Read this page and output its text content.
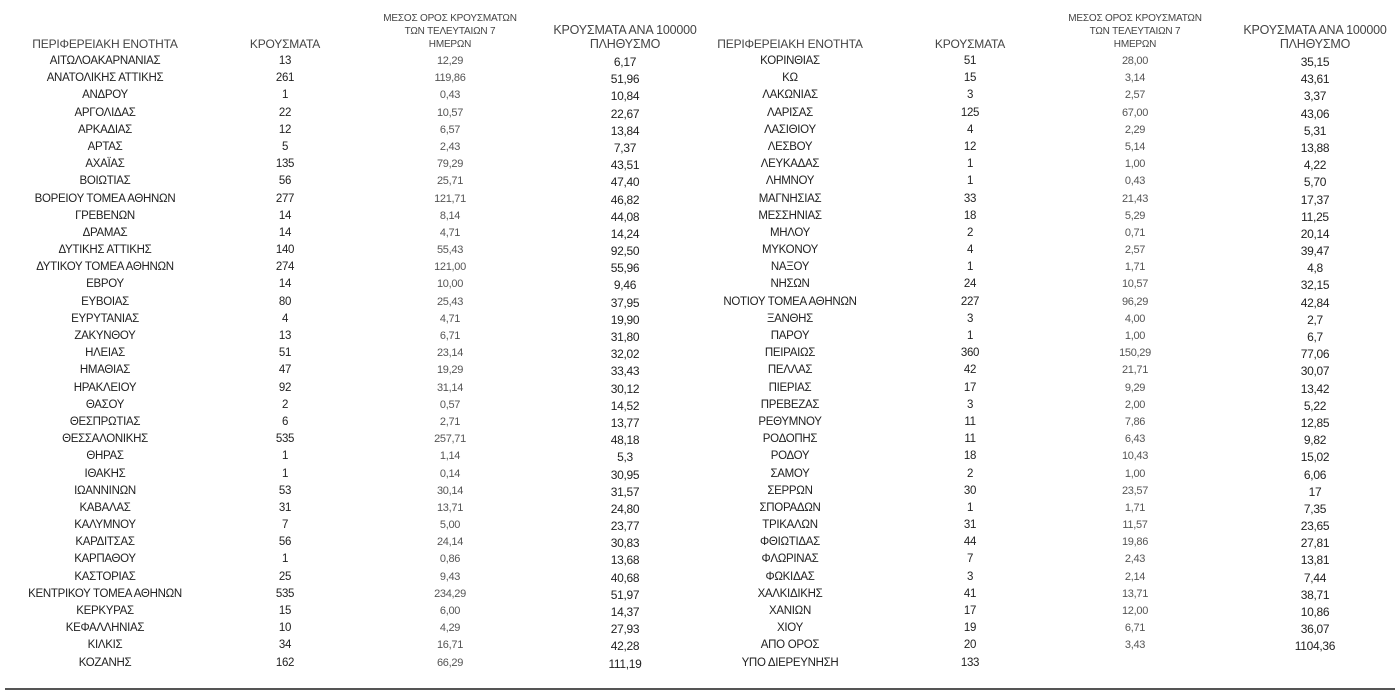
ΠΕΡΙΦΕΡΕΙΑΚΗ ΕΝΟΤΗΤΑ	ΚΡΟΥΣΜΑΤΑ
ΜΕΣΟΣ ΟΡΟΣ ΚΡΟΥΣΜΑΤΩΝ
ΤΩΝ ΤΕΛΕΥΤΑΙΩΝ 7
ΗΜΕΡΩΝ
ΚΡΟΥΣΜΑΤΑ ΑΝΑ 100000
ΠΛΗΘΥΣΜΟ
ΑΙΤΩΛΟΑΚΑΡΝΑΝΙΑΣ	13	12,29	6,17
ΑΝΑΤΟΛΙΚΗΣ ΑΤΤΙΚΗΣ	261	119,86	51,96
ΑΝΔΡΟΥ	1	0,43	10,84
ΑΡΓΟΛΙΔΑΣ	22	10,57	22,67
ΑΡΚΑΔΙΑΣ	12	6,57	13,84
ΑΡΤΑΣ	5	2,43	7,37
ΑΧΑΪΑΣ	135	79,29	43,51
ΒΟΙΩΤΙΑΣ	56	25,71	47,40
ΒΟΡΕΙΟΥ ΤΟΜΕΑ ΑΘΗΝΩΝ	277	121,71	46,82
ΓΡΕΒΕΝΩΝ	14	8,14	44,08
ΔΡΑΜΑΣ	14	4,71	14,24
ΔΥΤΙΚΗΣ ΑΤΤΙΚΗΣ	140	55,43	92,50
ΔΥΤΙΚΟΥ ΤΟΜΕΑ ΑΘΗΝΩΝ	274	121,00	55,96
ΕΒΡΟΥ	14	10,00	9,46
ΕΥΒΟΙΑΣ	80	25,43	37,95
ΕΥΡΥΤΑΝΙΑΣ	4	4,71	19,90
ΖΑΚΥΝΘΟΥ	13	6,71	31,80
ΗΛΕΙΑΣ	51	23,14	32,02
ΗΜΑΘΙΑΣ	47	19,29	33,43
ΗΡΑΚΛΕΙΟΥ	92	31,14	30,12
ΘΑΣΟΥ	2	0,57	14,52
ΘΕΣΠΡΩΤΙΑΣ	6	2,71	13,77
ΘΕΣΣΑΛΟΝΙΚΗΣ	535	257,71	48,18
ΘΗΡΑΣ	1	1,14	5,3
ΙΘΑΚΗΣ	1	0,14	30,95
ΙΩΑΝΝΙΝΩΝ	53	30,14	31,57
ΚΑΒΑΛΑΣ	31	13,71	24,80
ΚΑΛΥΜΝΟΥ	7	5,00	23,77
ΚΑΡΔΙΤΣΑΣ	56	24,14	30,83
ΚΑΡΠΑΘΟΥ	1	0,86	13,68
ΚΑΣΤΟΡΙΑΣ	25	9,43	40,68
ΚΕΝΤΡΙΚΟΥ ΤΟΜΕΑ ΑΘΗΝΩΝ	535	234,29	51,97
ΚΕΡΚΥΡΑΣ	15	6,00	14,37
ΚΕΦΑΛΛΗΝΙΑΣ	10	4,29	27,93
ΚΙΛΚΙΣ	34	16,71	42,28
ΚΟΖΑΝΗΣ	162	66,29	111,19
ΠΕΡΙΦΕΡΕΙΑΚΗ ΕΝΟΤΗΤΑ	ΚΡΟΥΣΜΑΤΑ
ΜΕΣΟΣ ΟΡΟΣ ΚΡΟΥΣΜΑΤΩΝ
ΤΩΝ ΤΕΛΕΥΤΑΙΩΝ 7
ΗΜΕΡΩΝ
ΚΡΟΥΣΜΑΤΑ ΑΝΑ 100000
ΠΛΗΘΥΣΜΟ
ΚΟΡΙΝΘΙΑΣ	51	28,00	35,15
ΚΩ	15	3,14	43,61
ΛΑΚΩΝΙΑΣ	3	2,57	3,37
ΛΑΡΙΣΑΣ	125	67,00	43,06
ΛΑΣΙΘΙΟΥ	4	2,29	5,31
ΛΕΣΒΟΥ	12	5,14	13,88
ΛΕΥΚΑΔΑΣ	1	1,00	4,22
ΛΗΜΝΟΥ	1	0,43	5,70
ΜΑΓΝΗΣΙΑΣ	33	21,43	17,37
ΜΕΣΣΗΝΙΑΣ	18	5,29	11,25
ΜΗΛΟΥ	2	0,71	20,14
ΜΥΚΟΝΟΥ	4	2,57	39,47
ΝΑΞΟΥ	1	1,71	4,8
ΝΗΣΩΝ	24	10,57	32,15
ΝΟΤΙΟΥ ΤΟΜΕΑ ΑΘΗΝΩΝ	227	96,29	42,84
ΞΑΝΘΗΣ	3	4,00	2,7
ΠΑΡΟΥ	1	1,00	6,7
ΠΕΙΡΑΙΩΣ	360	150,29	77,06
ΠΕΛΛΑΣ	42	21,71	30,07
ΠΙΕΡΙΑΣ	17	9,29	13,42
ΠΡΕΒΕΖΑΣ	3	2,00	5,22
ΡΕΘΥΜΝΟΥ	11	7,86	12,85
ΡΟΔΟΠΗΣ	11	6,43	9,82
ΡΟΔΟΥ	18	10,43	15,02
ΣΑΜΟΥ	2	1,00	6,06
ΣΕΡΡΩΝ	30	23,57	17
ΣΠΟΡΑΔΩΝ	1	1,71	7,35
ΤΡΙΚΑΛΩΝ	31	11,57	23,65
ΦΘΙΩΤΙΔΑΣ	44	19,86	27,81
ΦΛΩΡΙΝΑΣ	7	2,43	13,81
ΦΩΚΙΔΑΣ	3	2,14	7,44
ΧΑΛΚΙΔΙΚΗΣ	41	13,71	38,71
ΧΑΝΙΩΝ	17	12,00	10,86
ΧΙΟΥ	19	6,71	36,07
ΑΠΟ ΟΡΟΣ	20	3,43	1104,36
ΥΠΟ ΔΙΕΡΕΥΝΗΣΗ	133
